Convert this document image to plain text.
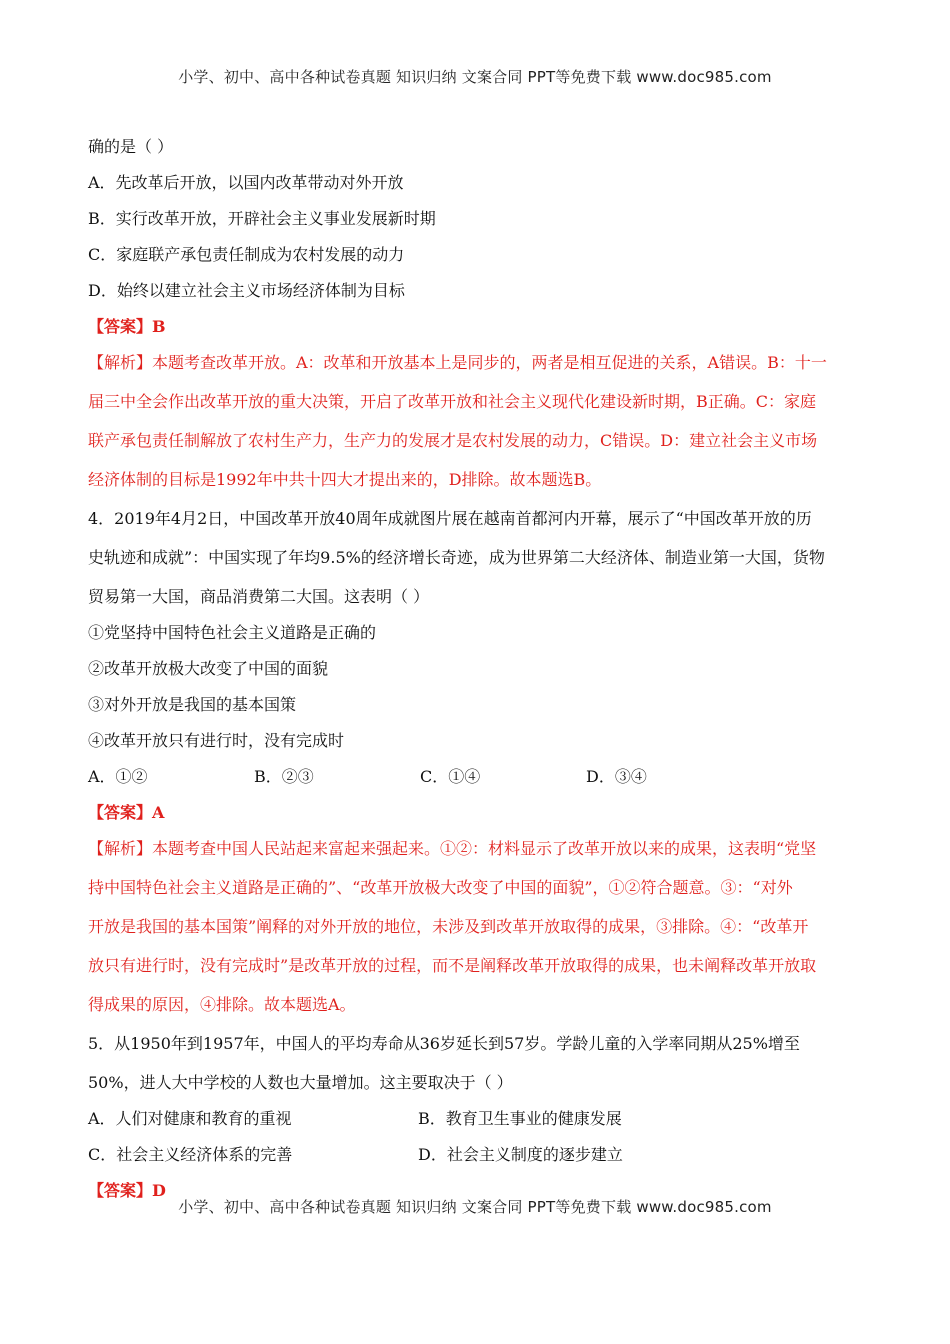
小学、初中、高中各种试卷真题 知识归纳 文案合同 PPT等免费下载 www.doc985.com
确的是（ ）
A．先改革后开放，以国内改革带动对外开放
B．实行改革开放，开辟社会主义事业发展新时期
C．家庭联产承包责任制成为农村发展的动力
D．始终以建立社会主义市场经济体制为目标
【答案】B
【解析】本题考查改革开放。A：改革和开放基本上是同步的，两者是相互促进的关系，A错误。B：十一
届三中全会作出改革开放的重大决策，开启了改革开放和社会主义现代化建设新时期，B正确。C：家庭
联产承包责任制解放了农村生产力，生产力的发展才是农村发展的动力，C错误。D：建立社会主义市场
经济体制的目标是1992年中共十四大才提出来的，D排除。故本题选B。
4．2019年4月2日，中国改革开放40周年成就图片展在越南首都河内开幕，展示了“中国改革开放的历
史轨迹和成就”：中国实现了年均9.5%的经济增长奇迹，成为世界第二大经济体、制造业第一大国，货物
贸易第一大国，商品消费第二大国。这表明（ ）
①党坚持中国特色社会主义道路是正确的
②改革开放极大改变了中国的面貌
③对外开放是我国的基本国策
④改革开放只有进行时，没有完成时
A．①②	B．②③	C．①④	D．③④
【答案】A
【解析】本题考查中国人民站起来富起来强起来。①②：材料显示了改革开放以来的成果，这表明“党坚
持中国特色社会主义道路是正确的”、“改革开放极大改变了中国的面貌”，①②符合题意。③：“对外
开放是我国的基本国策”阐释的对外开放的地位，未涉及到改革开放取得的成果，③排除。④：“改革开
放只有进行时，没有完成时”是改革开放的过程，而不是阐释改革开放取得的成果，也未阐释改革开放取
得成果的原因，④排除。故本题选A。
5．从1950年到1957年，中国人的平均寿命从36岁延长到57岁。学龄儿童的入学率同期从25%增至
50%，进人大中学校的人数也大量增加。这主要取决于（ ）
A．人们对健康和教育的重视	B．教育卫生事业的健康发展
C．社会主义经济体系的完善	D．社会主义制度的逐步建立
【答案】D
小学、初中、高中各种试卷真题 知识归纳 文案合同 PPT等免费下载 www.doc985.com
